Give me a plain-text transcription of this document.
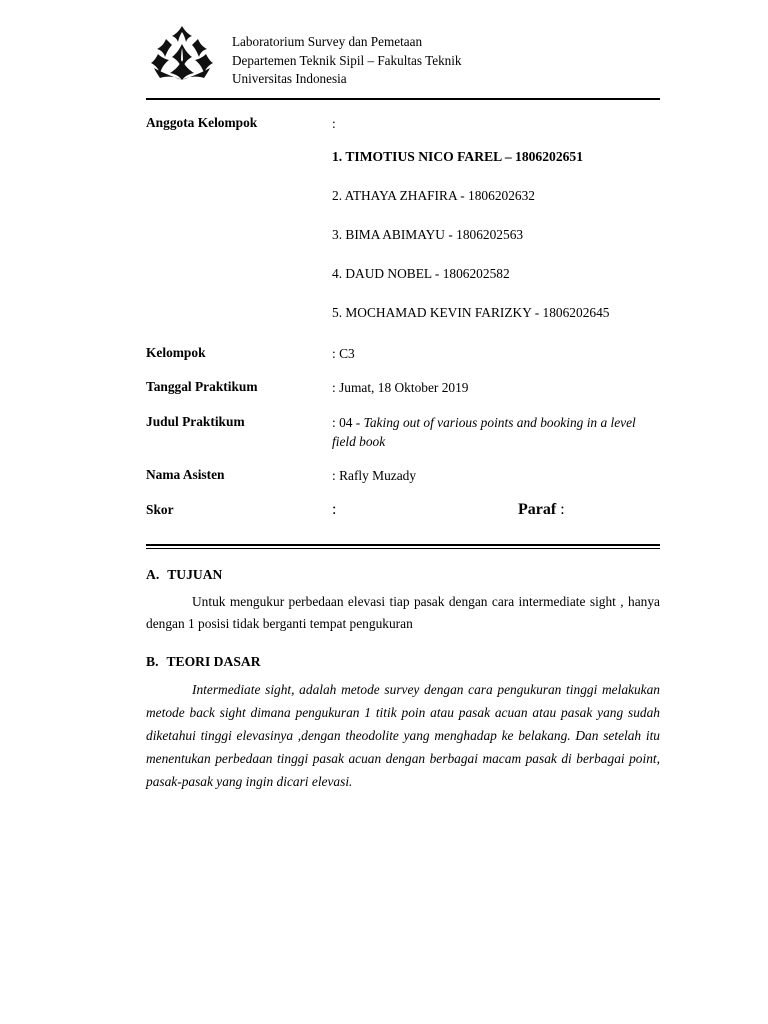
Laboratorium Survey dan Pemetaan
Departemen Teknik Sipil – Fakultas Teknik
Universitas Indonesia
Anggota Kelompok	:
1. TIMOTIUS NICO FAREL – 1806202651
2. ATHAYA ZHAFIRA - 1806202632
3. BIMA ABIMAYU - 1806202563
4. DAUD NOBEL - 1806202582
5. MOCHAMAD KEVIN FARIZKY - 1806202645
Kelompok	: C3
Tanggal Praktikum	: Jumat, 18 Oktober 2019
Judul Praktikum	: 04 - Taking out of various points and booking in a level field book
Nama Asisten	: Rafly Muzady
Skor	:	Paraf :
A. TUJUAN
Untuk mengukur perbedaan elevasi tiap pasak dengan cara intermediate sight , hanya dengan 1 posisi tidak berganti tempat pengukuran
B. TEORI DASAR
Intermediate sight, adalah metode survey dengan cara pengukuran tinggi melakukan metode back sight dimana pengukuran 1 titik poin atau pasak acuan atau pasak yang sudah diketahui tinggi elevasinya ,dengan theodolite yang menghadap ke belakang. Dan setelah itu menentukan perbedaan tinggi pasak acuan dengan berbagai macam pasak di berbagai point, pasak-pasak yang ingin dicari elevasi.
